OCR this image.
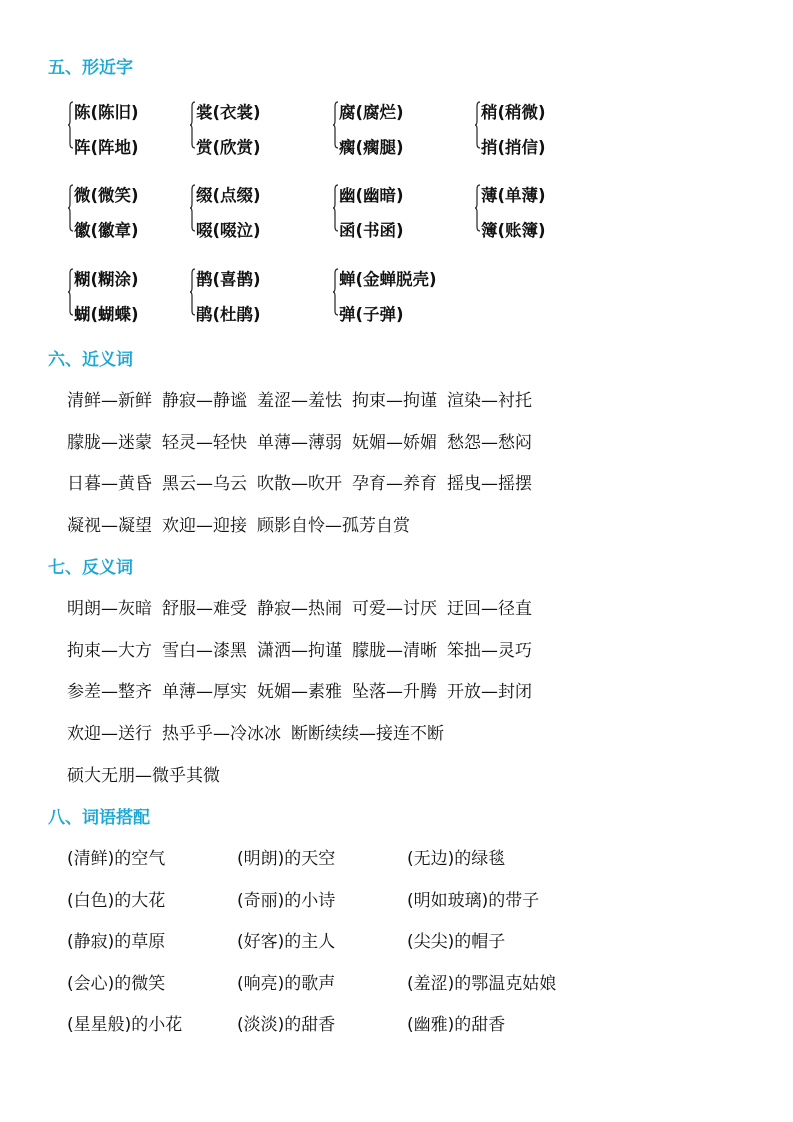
五、形近字
陈(陈旧)
阵(阵地)
裳(衣裳)
赏(欣赏)
腐(腐烂)
瘸(瘸腿)
稍(稍微)
捎(捎信)
微(微笑)
徽(徽章)
缀(点缀)
啜(啜泣)
幽(幽暗)
函(书函)
薄(单薄)
簿(账簿)
糊(糊涂)
蝴(蝴蝶)
鹊(喜鹊)
鹃(杜鹃)
蝉(金蝉脱壳)
弹(子弹)
六、近义词
清鲜—新鲜 静寂—静谧 羞涩—羞怯 拘束—拘谨 渲染—衬托
朦胧—迷蒙 轻灵—轻快 单薄—薄弱 妩媚—娇媚 愁怨—愁闷
日暮—黄昏 黑云—乌云 吹散—吹开 孕育—养育 摇曳—摇摆
凝视—凝望 欢迎—迎接 顾影自怜—孤芳自赏
七、反义词
明朗—灰暗 舒服—难受 静寂—热闹 可爱—讨厌 迂回—径直
拘束—大方 雪白—漆黑 潇洒—拘谨 朦胧—清晰 笨拙—灵巧
参差—整齐 单薄—厚实 妩媚—素雅 坠落—升腾 开放—封闭
欢迎—送行 热乎乎—冷冰冰 断断续续—接连不断
硕大无朋—微乎其微
八、词语搭配
(清鲜)的空气	(明朗)的天空	(无边)的绿毯
(白色)的大花	(奇丽)的小诗	(明如玻璃)的带子
(静寂)的草原	(好客)的主人	(尖尖)的帽子
(会心)的微笑	(响亮)的歌声	(羞涩)的鄂温克姑娘
(星星般)的小花	(淡淡)的甜香	(幽雅)的甜香
